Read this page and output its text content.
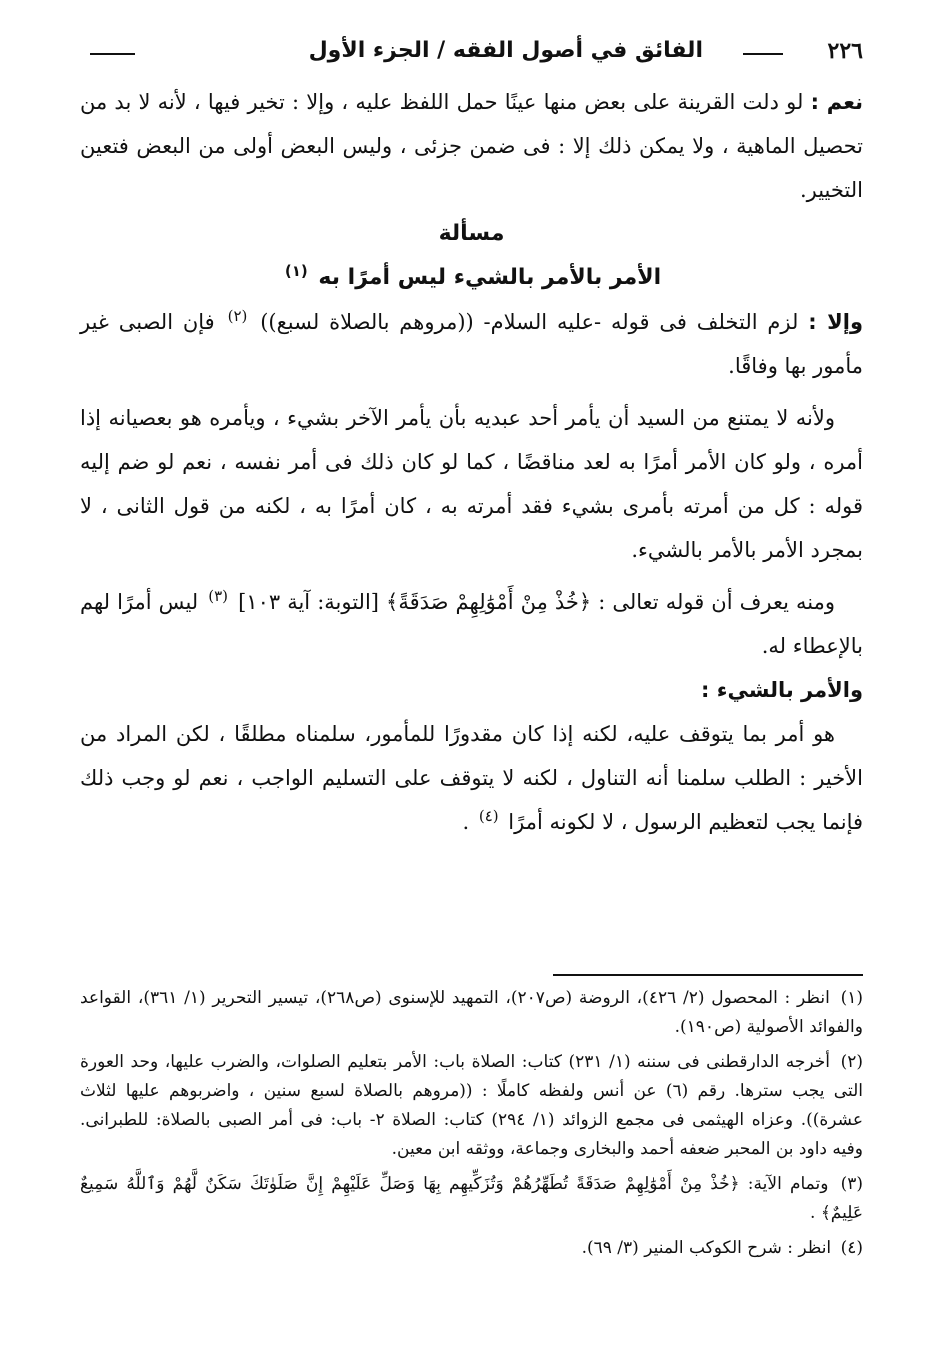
٢٢٦
الفائق في أصول الفقه / الجزء الأول

نعم : لو دلت القرينة على بعض منها عينًا حمل اللفظ عليه ، وإلا : تخير فيها ، لأنه لا بد من تحصيل الماهية ، ولا يمكن ذلك إلا : فى ضمن جزئى ، وليس البعض أولى من البعض فتعين التخيير.

مسألة

الأمر بالأمر بالشيء ليس أمرًا به $^{(١)}$

وإلا : لزم التخلف فى قوله -عليه السلام- ((مروهم بالصلاة لسبع)) $^{(٢)}$ فإن الصبى غير مأمور بها وفاقًا.

ولأنه لا يمتنع من السيد أن يأمر أحد عبديه بأن يأمر الآخر بشيء ، ويأمره هو بعصيانه إذا أمره ، ولو كان الأمر أمرًا به لعد مناقضًا ، كما لو كان ذلك فى أمر نفسه ، نعم لو ضم إليه قوله : كل من أمرته بأمرى بشيء فقد أمرته به ، كان أمرًا به ، لكنه من قول الثانى ، لا بمجرد الأمر بالأمر بالشيء.

ومنه يعرف أن قوله تعالى : ﴿خُذْ مِنْ أَمْوَٰلِهِمْ صَدَقَةً﴾ [التوبة: آية ١٠٣] $^{(٣)}$ ليس أمرًا لهم بالإعطاء له.

والأمر بالشيء :

هو أمر بما يتوقف عليه، لكنه إذا كان مقدورًا للمأمور، سلمناه مطلقًا ، لكن المراد من الأخير : الطلب سلمنا أنه التناول ، لكنه لا يتوقف على التسليم الواجب ، نعم لو وجب ذلك فإنما يجب لتعظيم الرسول ، لا لكونه أمرًا $^{(٤)}$ .

(١) انظر : المحصول (٢/ ٤٢٦)، الروضة (ص٢٠٧)، التمهيد للإسنوى (ص٢٦٨)، تيسير التحرير (١/ ٣٦١)، القواعد والفوائد الأصولية (ص١٩٠).

(٢) أخرجه الدارقطنى فى سننه (١/ ٢٣١) كتاب: الصلاة باب: الأمر بتعليم الصلوات، والضرب عليها، وحد العورة التى يجب سترها. رقم (٦) عن أنس ولفظه كاملًا : ((مروهم بالصلاة لسبع سنين ، واضربوهم عليها لثلاث عشرة)). وعزاه الهيثمى فى مجمع الزوائد (١/ ٢٩٤) كتاب: الصلاة ٢- باب: فى أمر الصبى بالصلاة: للطبرانى. وفيه داود بن المحبر ضعفه أحمد والبخارى وجماعة، ووثقه ابن معين.

(٣) وتمام الآية: ﴿خُذْ مِنْ أَمْوَٰلِهِمْ صَدَقَةً تُطَهِّرُهُمْ وَتُزَكِّيهِم بِهَا وَصَلِّ عَلَيْهِمْ إِنَّ صَلَوٰتَكَ سَكَنٌ لَّهُمْ وَٱللَّهُ سَمِيعٌ عَلِيمٌ﴾ .

(٤) انظر : شرح الكوكب المنير (٣/ ٦٩).
